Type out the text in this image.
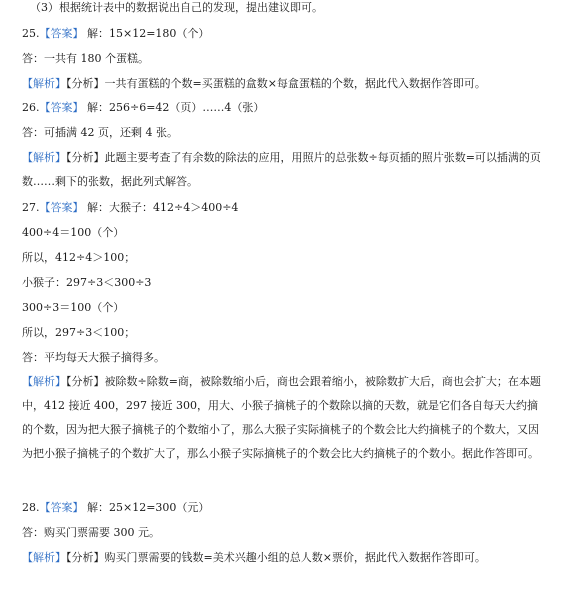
（3）根据统计表中的数据说出自己的发现，提出建议即可。
25.【答案】 解：15×12=180（个）
答：一共有 180 个蛋糕。
【解析】【分析】一共有蛋糕的个数=买蛋糕的盒数×每盒蛋糕的个数，据此代入数据作答即可。
26.【答案】 解：256÷6=42（页）……4（张）
答：可插满 42 页，还剩 4 张。
【解析】【分析】此题主要考查了有余数的除法的应用，用照片的总张数÷每页插的照片张数=可以插满的页数……剩下的张数，据此列式解答。
27.【答案】 解：大猴子：412÷4＞400÷4
400÷4＝100（个）
所以，412÷4＞100；
小猴子：297÷3＜300÷3
300÷3＝100（个）
所以，297÷3＜100；
答：平均每天大猴子摘得多。
【解析】【分析】被除数÷除数=商，被除数缩小后，商也会跟着缩小，被除数扩大后，商也会扩大；在本题中，412 接近 400，297 接近 300，用大、小猴子摘桃子的个数除以摘的天数，就是它们各自每天大约摘的个数，因为把大猴子摘桃子的个数缩小了，那么大猴子实际摘桃子的个数会比大约摘桃子的个数大，又因为把小猴子摘桃子的个数扩大了，那么小猴子实际摘桃子的个数会比大约摘桃子的个数小。据此作答即可。
28.【答案】 解：25×12=300（元）
答：购买门票需要 300 元。
【解析】【分析】购买门票需要的钱数=美术兴趣小组的总人数×票价，据此代入数据作答即可。
